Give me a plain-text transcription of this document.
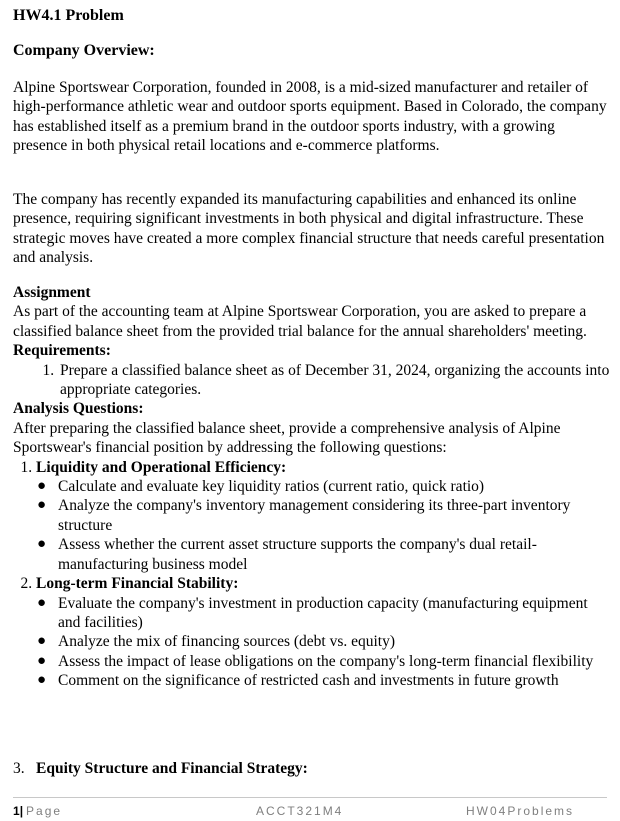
HW4.1 Problem

Company Overview:

Alpine Sportswear Corporation, founded in 2008, is a mid-sized manufacturer and retailer of high-performance athletic wear and outdoor sports equipment. Based in Colorado, the company has established itself as a premium brand in the outdoor sports industry, with a growing presence in both physical retail locations and e-commerce platforms.

The company has recently expanded its manufacturing capabilities and enhanced its online presence, requiring significant investments in both physical and digital infrastructure. These strategic moves have created a more complex financial structure that needs careful presentation and analysis.

Assignment

As part of the accounting team at Alpine Sportswear Corporation, you are asked to prepare a classified balance sheet from the provided trial balance for the annual shareholders' meeting.

Requirements:

1. Prepare a classified balance sheet as of December 31, 2024, organizing the accounts into appropriate categories.

Analysis Questions:

After preparing the classified balance sheet, provide a comprehensive analysis of Alpine Sportswear's financial position by addressing the following questions:

1. Liquidity and Operational Efficiency:
● Calculate and evaluate key liquidity ratios (current ratio, quick ratio)
● Analyze the company's inventory management considering its three-part inventory structure
● Assess whether the current asset structure supports the company's dual retail-manufacturing business model
2. Long-term Financial Stability:
● Evaluate the company's investment in production capacity (manufacturing equipment and facilities)
● Analyze the mix of financing sources (debt vs. equity)
● Assess the impact of lease obligations on the company's long-term financial flexibility
● Comment on the significance of restricted cash and investments in future growth

3. Equity Structure and Financial Strategy:

1| Page	ACCT321M4	HW04Problems
